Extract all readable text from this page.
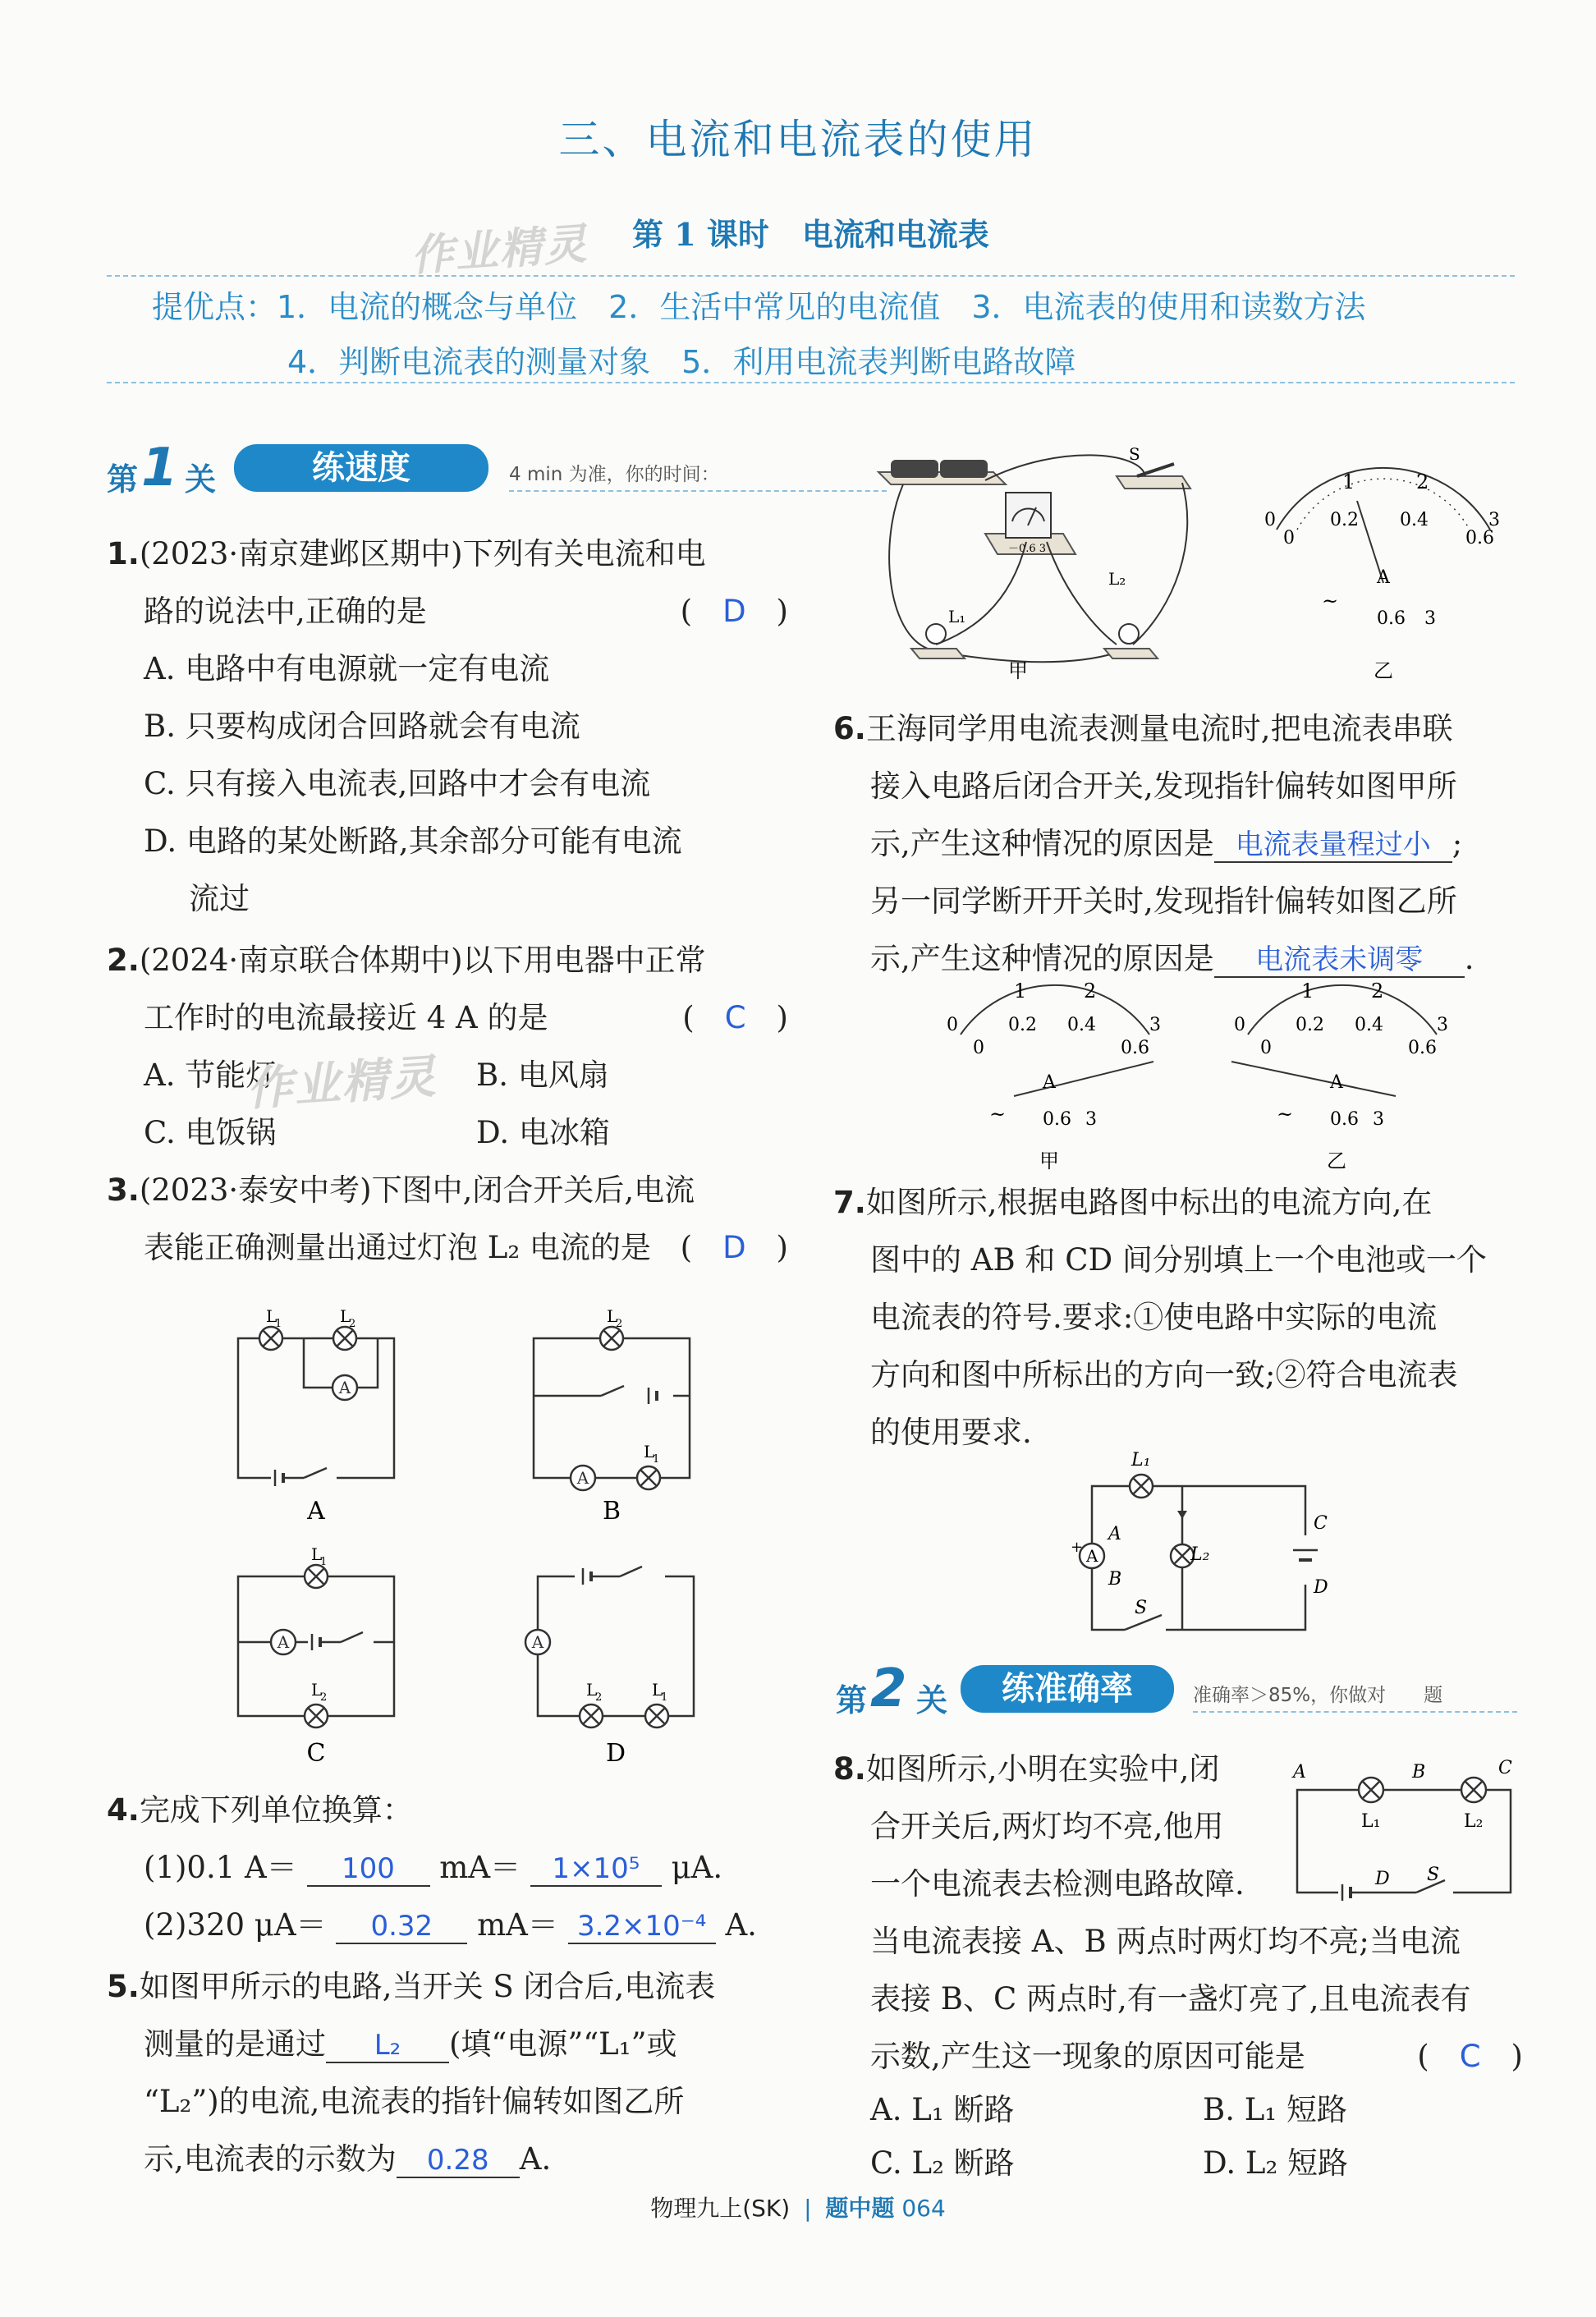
三、电流和电流表的使用
作业精灵 第 1 课时 电流和电流表
提优点：1．电流的概念与单位　2．生活中常见的电流值　3．电流表的使用和读数方法
4．判断电流表的测量对象　5．利用电流表判断电路故障
第 1 关	练速度	4 min 为准，你的时间：
1.(2023·南京建邺区期中)下列有关电流和电
路的说法中,正确的是	(　D　)
A. 电路中有电源就一定有电流
B. 只要构成闭合回路就会有电流
C. 只有接入电流表,回路中才会有电流
D. 电路的某处断路,其余部分可能有电流
流过
2.(2024·南京联合体期中)以下用电器中正常
工作时的电流最接近 4 A 的是	(　C　)
A. 节能灯	B. 电风扇
C. 电饭锅	D. 电冰箱
作业精灵
3.(2023·泰安中考)下图中,闭合开关后,电流
表能正确测量出通过灯泡 L₂ 电流的是 (　D　)
A
L
1	L
2	L
2
L
1
L
1
L
2	L
2	L
1
A	B
C	D
4.完成下列单位换算：
(1)0.1 A＝ 100 mA＝ 1×10⁵ μA.
(2)320 μA＝ 0.32 mA＝ 3.2×10⁻⁴ A.
5.如图甲所示的电路,当开关 S 闭合后,电流表
测量的是通过 L₂ (填“电源”“L₁”或
“L₂”)的电流,电流表的指针偏转如图乙所
示,电流表的示数为 0.28 A.
S
－0.6 3
L₁
L₂
甲
1	2
0	0.2 0.4	3
0	0.6
A
~
0.6 3
乙
6.王海同学用电流表测量电流时,把电流表串联
接入电路后闭合开关,发现指针偏转如图甲所
示,产生这种情况的原因是 电流表量程过小 ;
另一同学断开开关时,发现指针偏转如图乙所
示,产生这种情况的原因是 电流表未调零 .
1	2
0	0.2 0.4	3
0	0.6
A
~ 0.6 3
甲
1	2
0	0.2 0.4	3
0	0.6
A
~ 0.6 3
乙
7.如图所示,根据电路图中标出的电流方向,在
图中的 AB 和 CD 间分别填上一个电池或一个
电流表的符号.要求:①使电路中实际的电流
方向和图中所标出的方向一致;②符合电流表
的使用要求.
A
L₁
L₂
A
B
C
D
S
+
第 2 关	练准确率	准确率＞85%，你做对　　题
8.如图所示,小明在实验中,闭
合开关后,两灯均不亮,他用
一个电流表去检测电路故障.
当电流表接 A、B 两点时两灯均不亮;当电流
表接 B、C 两点时,有一盏灯亮了,且电流表有
示数,产生这一现象的原因可能是	(　C　)
A. L₁ 断路	B. L₁ 短路
C. L₂ 断路	D. L₂ 短路
A	B	C
D S
L₁	L₂
物理九上(SK) | 题中题 064
